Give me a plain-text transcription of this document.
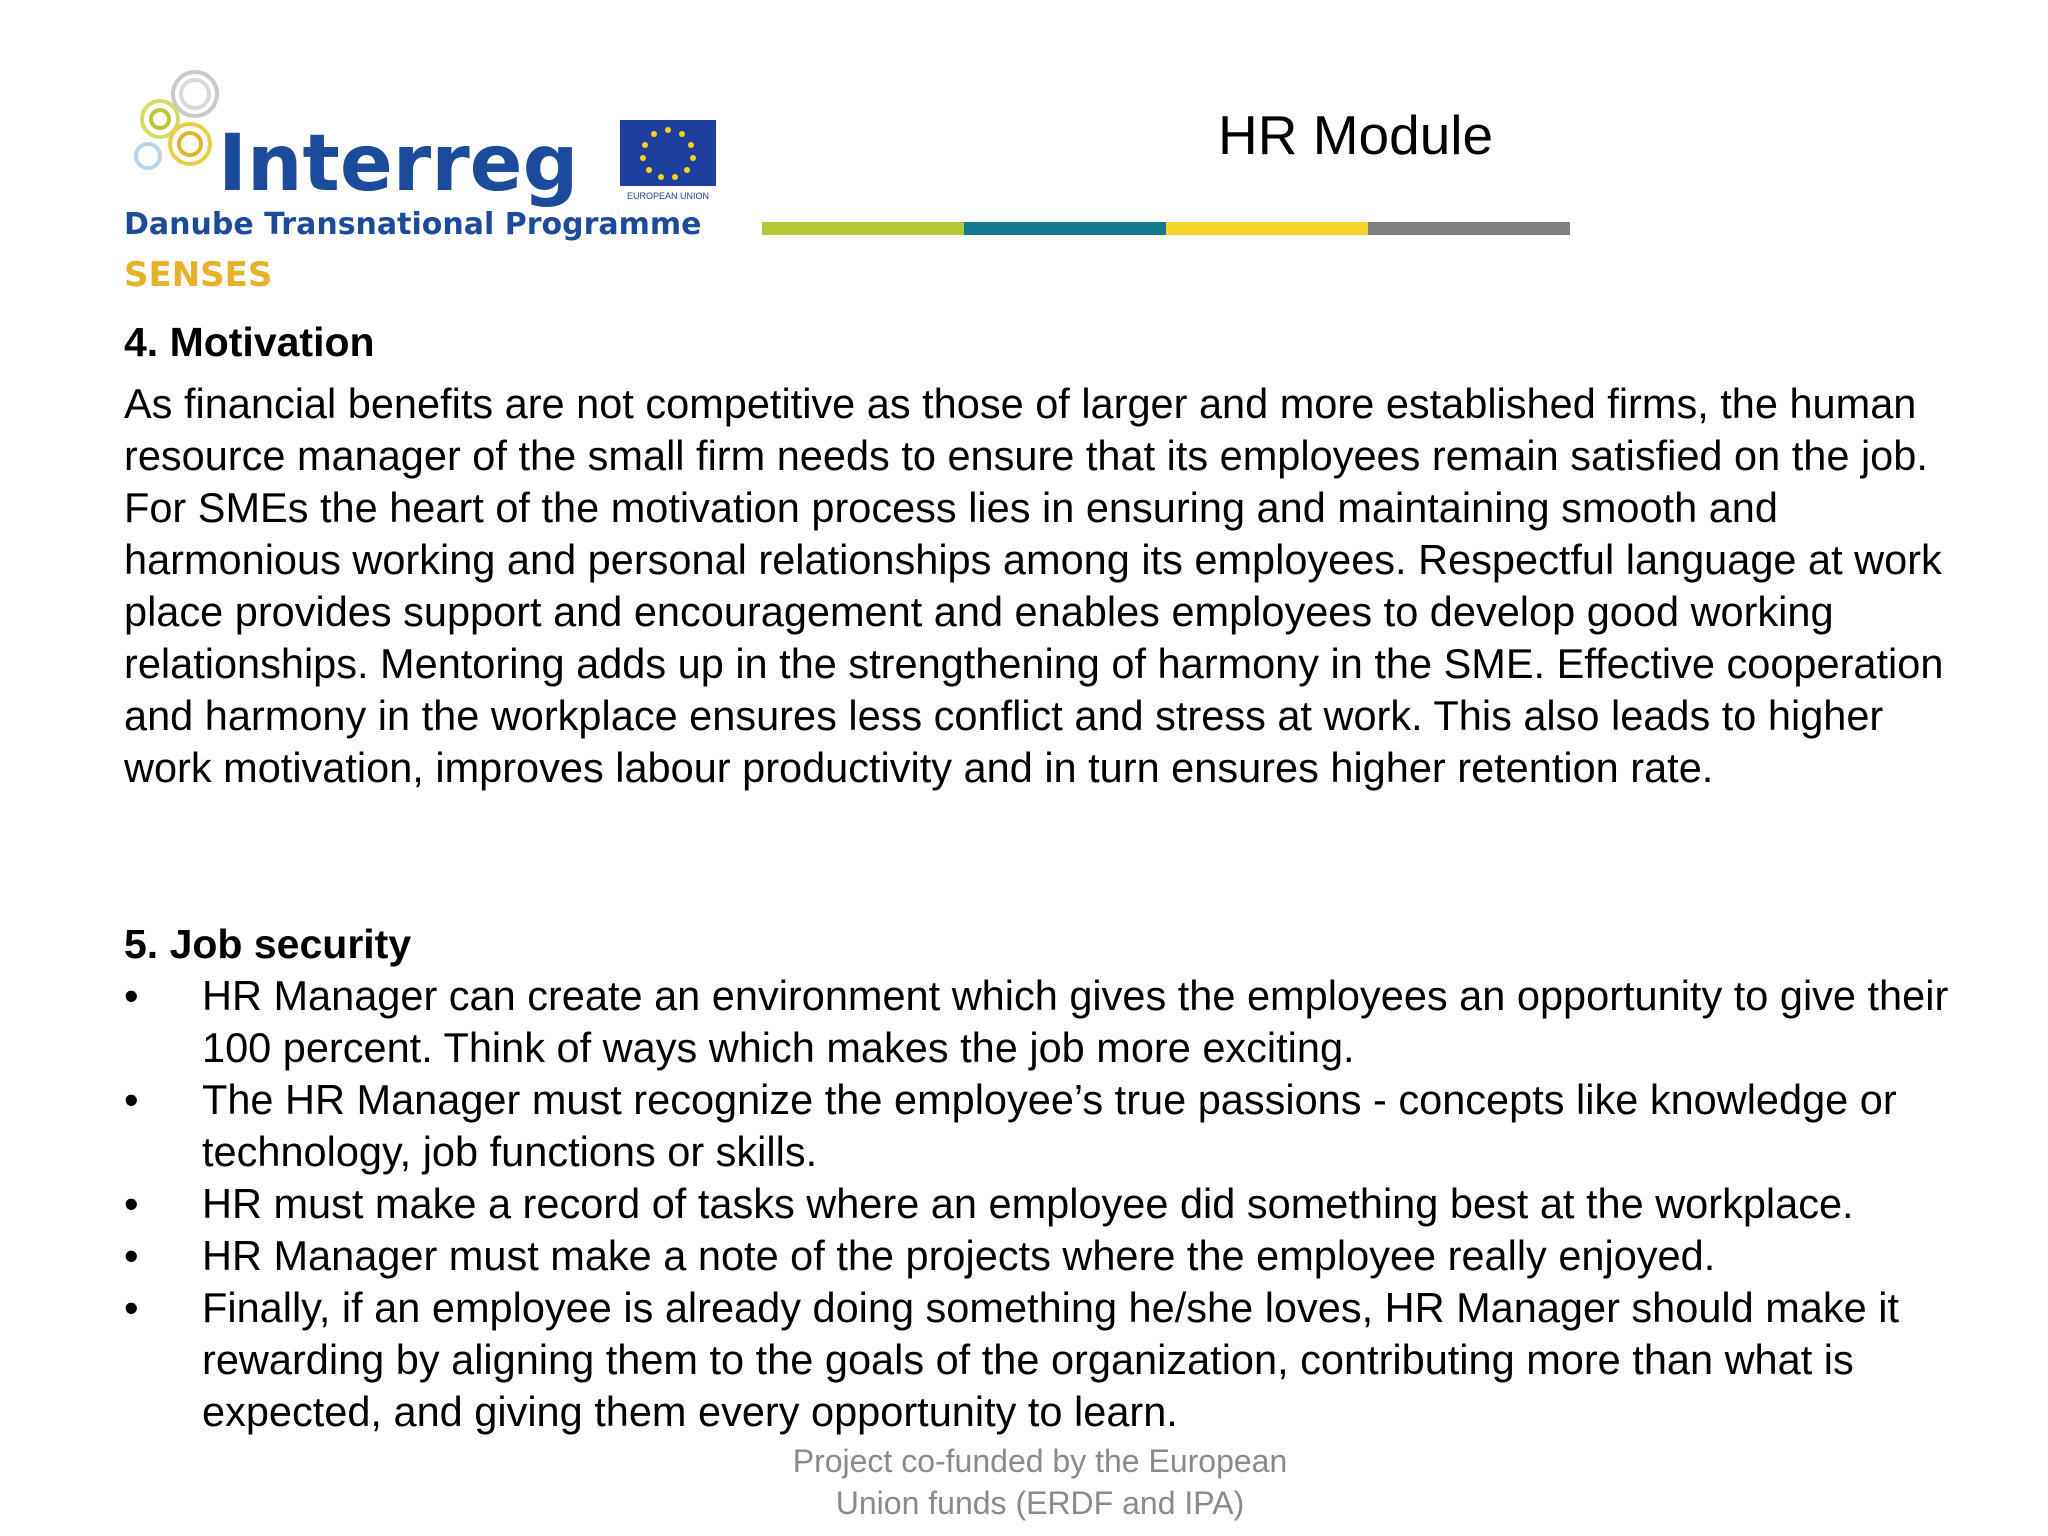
Interreg	EUROPEAN UNION
Danube Transnational Programme
SENSES
HR Module
4. Motivation

As financial benefits are not competitive as those of larger and more established firms, the human resource manager of the small firm needs to ensure that its employees remain satisfied on the job. For SMEs the heart of the motivation process lies in ensuring and maintaining smooth and harmonious working and personal relationships among its employees. Respectful language at work place provides support and encouragement and enables employees to develop good working relationships. Mentoring adds up in the strengthening of harmony in the SME. Effective cooperation and harmony in the workplace ensures less conflict and stress at work. This also leads to higher work motivation, improves labour productivity and in turn ensures higher retention rate.

5. Job security
• HR Manager can create an environment which gives the employees an opportunity to give their 100 percent. Think of ways which makes the job more exciting.
• The HR Manager must recognize the employee’s true passions - concepts like knowledge or technology, job functions or skills.
• HR must make a record of tasks where an employee did something best at the workplace.
• HR Manager must make a note of the projects where the employee really enjoyed.
• Finally, if an employee is already doing something he/she loves, HR Manager should make it rewarding by aligning them to the goals of the organization, contributing more than what is expected, and giving them every opportunity to learn.
Project co-funded by the European
Union funds (ERDF and IPA)
